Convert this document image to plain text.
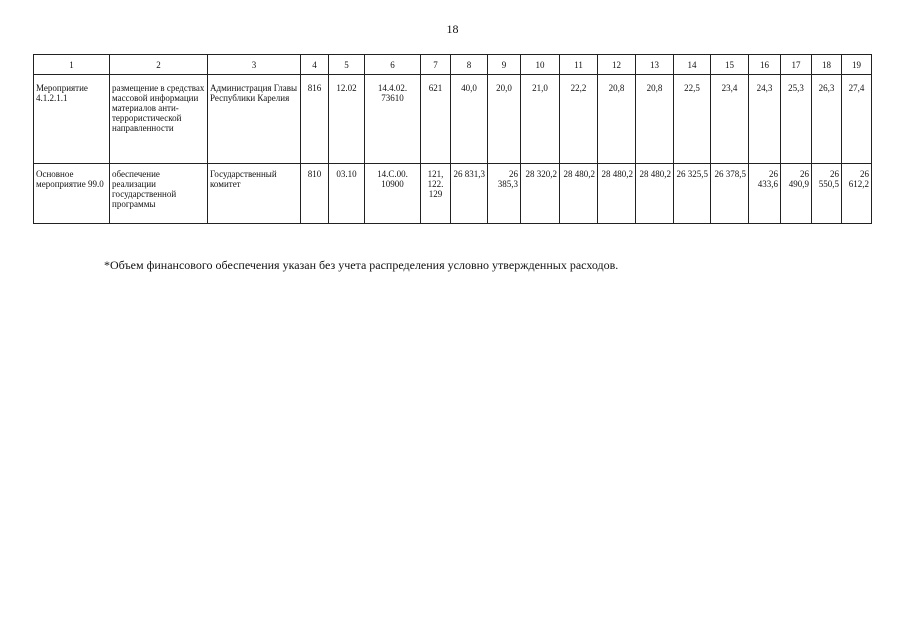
18
1	2	3	4	5	6	7	8	9	10	11	12	13	14	15	16	17	18	19
Мероприятие 4.1.2.1.1	размещение в средствах массовой информации материалов анти-террористической направленности	Администрация Главы Республики Карелия	816	12.02	14.4.02. 73610	621	40,0	20,0	21,0	22,2	20,8	20,8	22,5	23,4	24,3	25,3	26,3	27,4
Основное мероприятие 99.0	обеспечение реализации государственной программы	Государственный комитет	810	03.10	14.С.00. 10900	121, 122. 129	26 831,3	26 385,3	28 320,2	28 480,2	28 480,2	28 480,2	26 325,5	26 378,5	26 433,6	26 490,9	26 550,5	26 612,2
*Объем финансового обеспечения указан без учета распределения условно утвержденных расходов.
